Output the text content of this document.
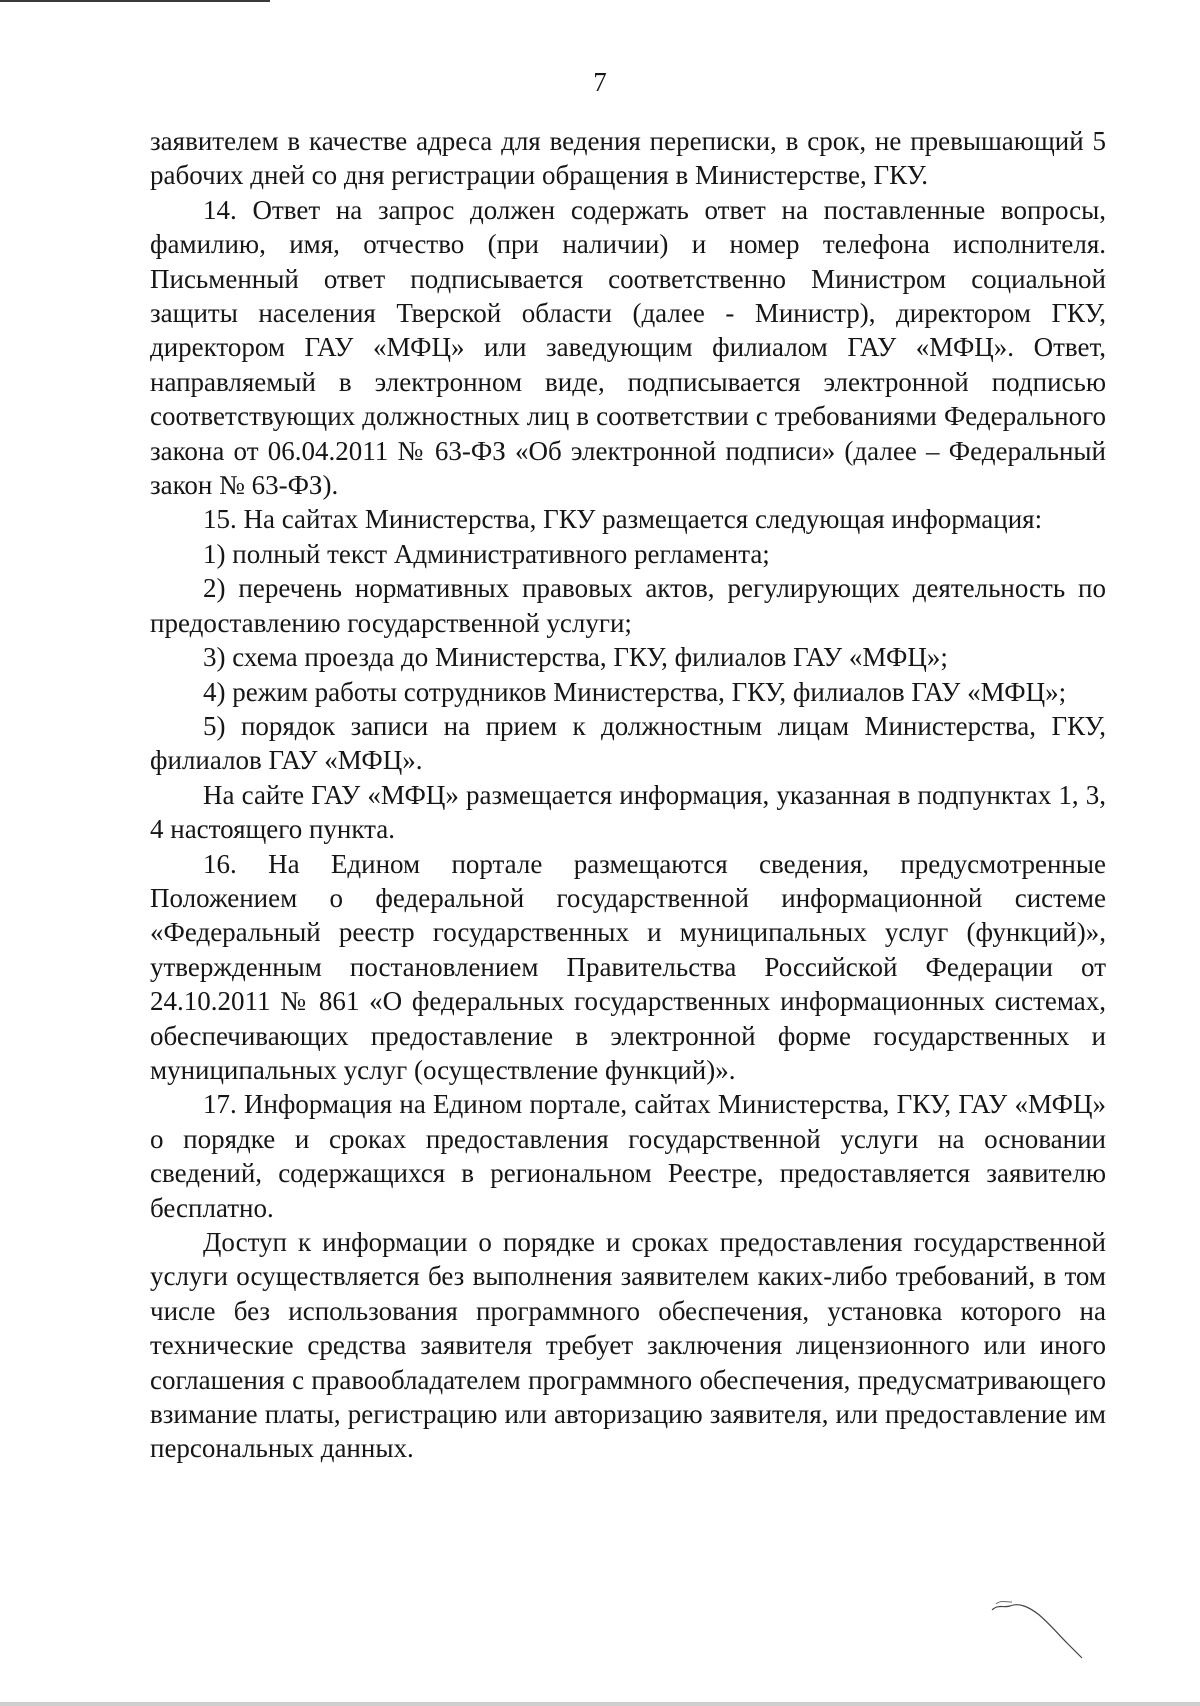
7

заявителем в качестве адреса для ведения переписки, в срок, не превышающий 5 рабочих дней со дня регистрации обращения в Министерстве, ГКУ.

14. Ответ на запрос должен содержать ответ на поставленные вопросы, фамилию, имя, отчество (при наличии) и номер телефона исполнителя. Письменный ответ подписывается соответственно Министром социальной защиты населения Тверской области (далее - Министр), директором ГКУ, директором ГАУ «МФЦ» или заведующим филиалом ГАУ «МФЦ». Ответ, направляемый в электронном виде, подписывается электронной подписью соответствующих должностных лиц в соответствии с требованиями Федерального закона от 06.04.2011 № 63-ФЗ «Об электронной подписи» (далее – Федеральный закон № 63-ФЗ).

15. На сайтах Министерства, ГКУ размещается следующая информация:

1) полный текст Административного регламента;

2) перечень нормативных правовых актов, регулирующих деятельность по предоставлению государственной услуги;

3) схема проезда до Министерства, ГКУ, филиалов ГАУ «МФЦ»;

4) режим работы сотрудников Министерства, ГКУ, филиалов ГАУ «МФЦ»;

5) порядок записи на прием к должностным лицам Министерства, ГКУ, филиалов ГАУ «МФЦ».

На сайте ГАУ «МФЦ» размещается информация, указанная в подпунктах 1, 3, 4 настоящего пункта.

16. На Едином портале размещаются сведения, предусмотренные Положением о федеральной государственной информационной системе «Федеральный реестр государственных и муниципальных услуг (функций)», утвержденным постановлением Правительства Российской Федерации от 24.10.2011 № 861 «О федеральных государственных информационных системах, обеспечивающих предоставление в электронной форме государственных и муниципальных услуг (осуществление функций)».

17. Информация на Едином портале, сайтах Министерства, ГКУ, ГАУ «МФЦ» о порядке и сроках предоставления государственной услуги на основании сведений, содержащихся в региональном Реестре, предоставляется заявителю бесплатно.

Доступ к информации о порядке и сроках предоставления государственной услуги осуществляется без выполнения заявителем каких-либо требований, в том числе без использования программного обеспечения, установка которого на технические средства заявителя требует заключения лицензионного или иного соглашения с правообладателем программного обеспечения, предусматривающего взимание платы, регистрацию или авторизацию заявителя, или предоставление им персональных данных.
